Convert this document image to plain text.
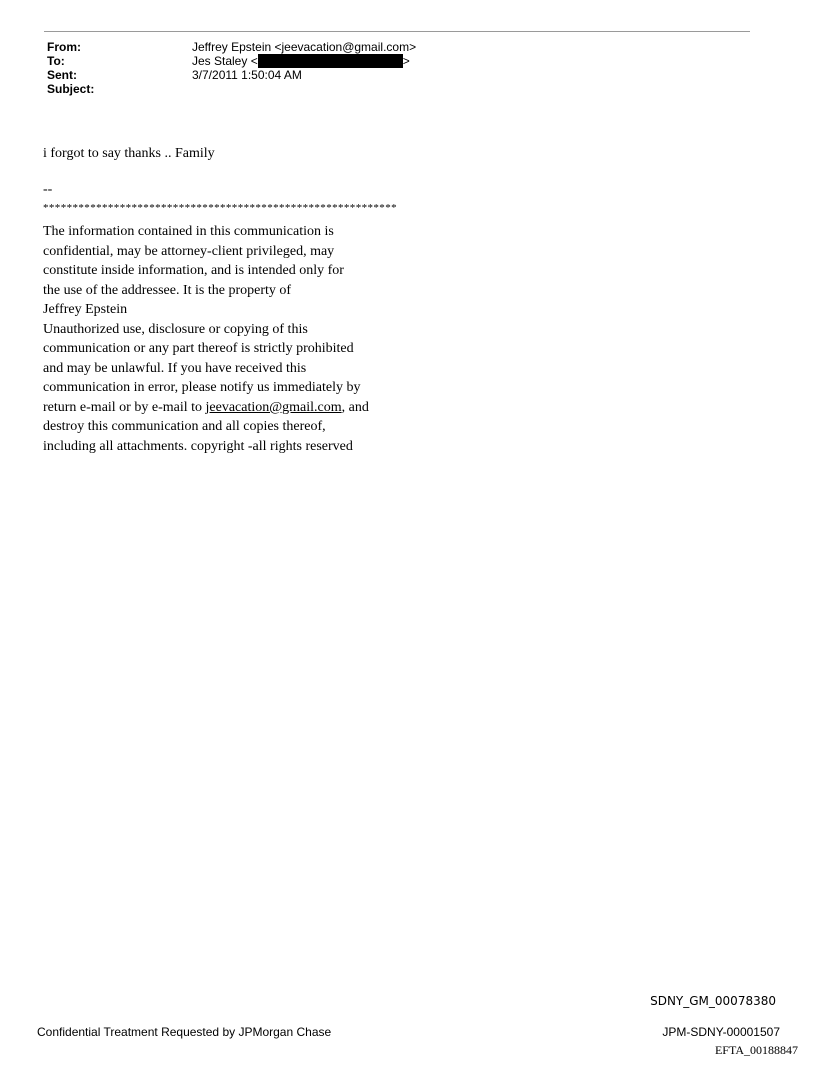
From:	Jeffrey Epstein <jeevacation@gmail.com>
To:	Jes Staley <	>
Sent:	3/7/2011 1:50:04 AM
Subject:
i forgot to say thanks .. Family
--
************************************************************
The information contained in this communication is
confidential, may be attorney-client privileged, may
constitute inside information, and is intended only for
the use of the addressee. It is the property of
Jeffrey Epstein
Unauthorized use, disclosure or copying of this
communication or any part thereof is strictly prohibited
and may be unlawful. If you have received this
communication in error, please notify us immediately by
return e-mail or by e-mail to jeevacation@gmail.com, and
destroy this communication and all copies thereof,
including all attachments. copyright -all rights reserved
SDNY_GM_00078380
Confidential Treatment Requested by JPMorgan Chase	JPM-SDNY-00001507
EFTA_00188847
